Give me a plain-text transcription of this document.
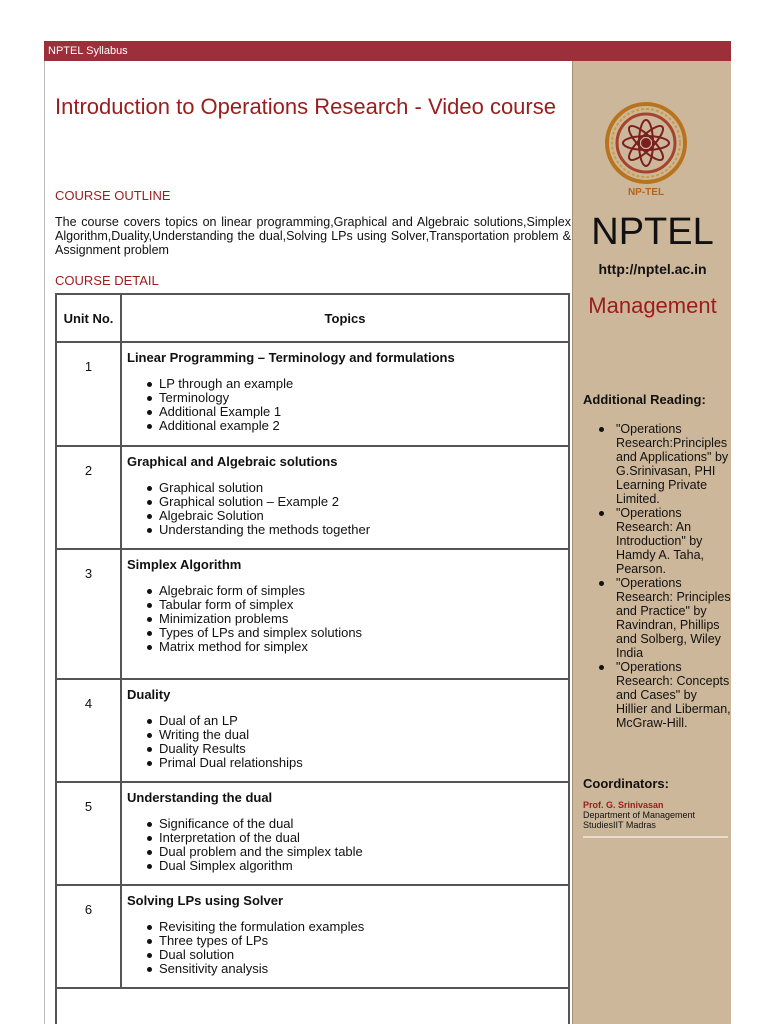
NPTEL Syllabus
Introduction to Operations Research - Video course
COURSE OUTLINE

The course covers topics on linear programming,Graphical and Algebraic solutions,Simplex Algorithm,Duality,Understanding the dual,Solving LPs using Solver,Transportation problem & Assignment problem

COURSE DETAIL
Unit No.	Topics
1
Linear Programming – Terminology and formulations
LP through an example
Terminology
Additional Example 1
Additional example 2
2
Graphical and Algebraic solutions
Graphical solution
Graphical solution – Example 2
Algebraic Solution
Understanding the methods together
3
Simplex Algorithm
Algebraic form of simples
Tabular form of simplex
Minimization problems
Types of LPs and simplex solutions
Matrix method for simplex
4
Duality
Dual of an LP
Writing the dual
Duality Results
Primal Dual relationships
5
Understanding the dual
Significance of the dual
Interpretation of the dual
Dual problem and the simplex table
Dual Simplex algorithm
6
Solving LPs using Solver
Revisiting the formulation examples
Three types of LPs
Dual solution
Sensitivity analysis
NP-TEL
NPTEL
http://nptel.ac.in
Management
Additional Reading:
"Operations Research:Principles and Applications" by G.Srinivasan, PHI Learning Private Limited.
"Operations Research: An Introduction" by Hamdy A. Taha, Pearson.
"Operations Research: Principles and Practice" by Ravindran, Phillips and Solberg, Wiley India
"Operations Research: Concepts and Cases" by Hillier and Liberman, McGraw-Hill.
Coordinators:
Prof. G. Srinivasan
Department of Management StudiesIIT Madras
